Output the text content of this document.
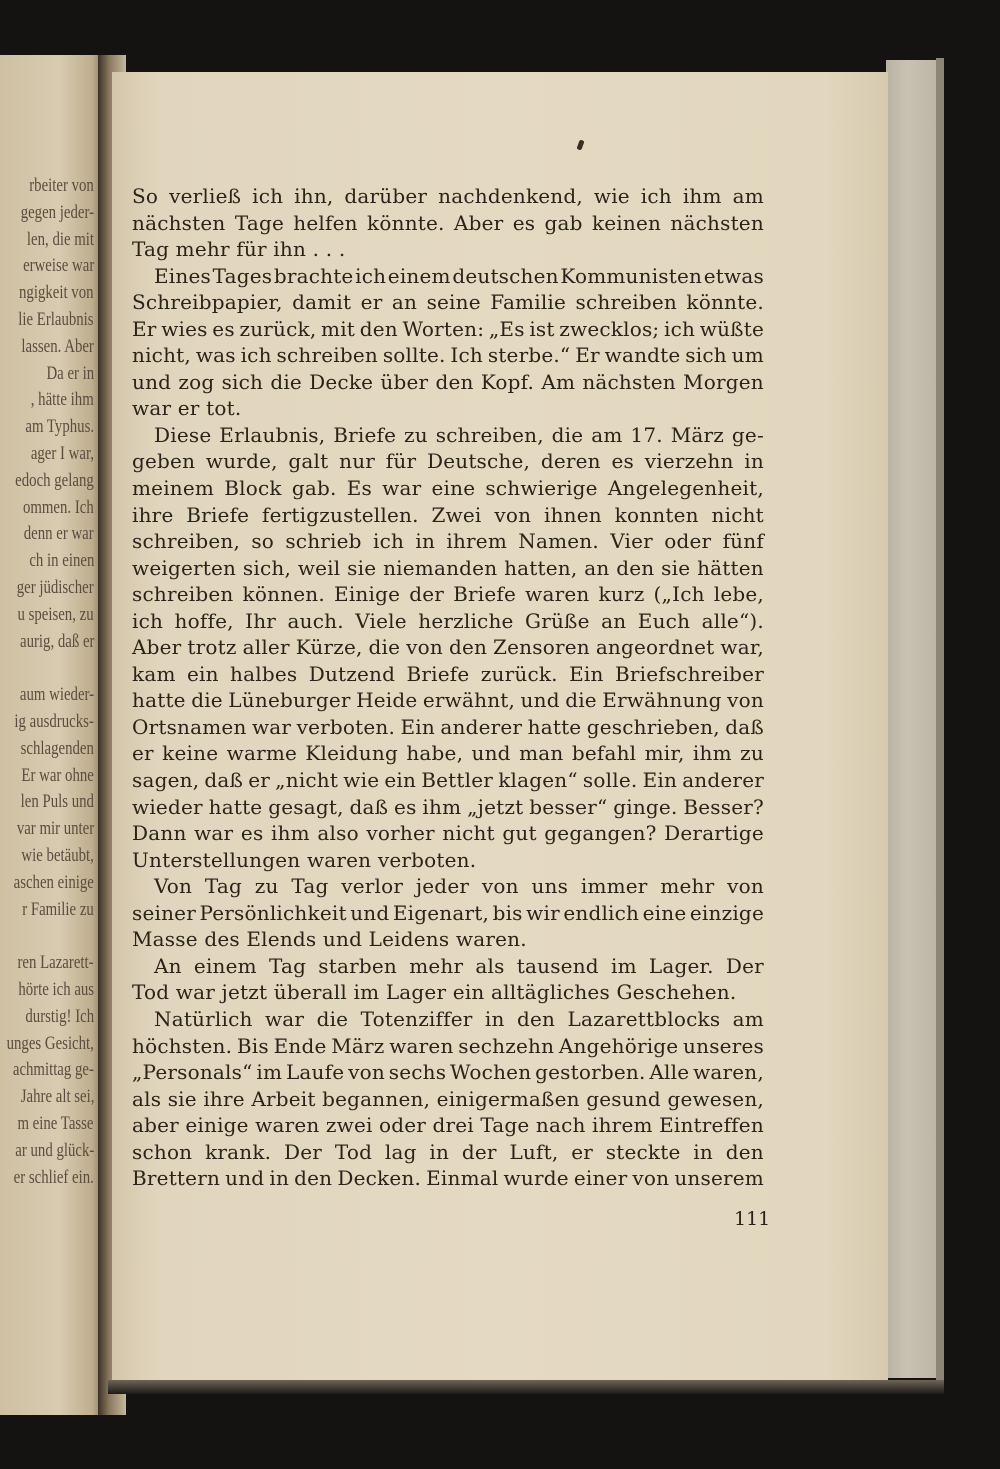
rbeiter von
gegen jeder-
len, die mit
erweise war
ngigkeit von
lie Erlaubnis
lassen. Aber
Da er in
, hätte ihm
am Typhus.
ager I war,
edoch gelang
ommen. Ich
denn er war
ch in einen
ger jüdischer
u speisen, zu
aurig, daß er
aum wieder-
ig ausdrucks-
schlagenden
Er war ohne
len Puls und
var mir unter
wie betäubt,
aschen einige
r Familie zu
ren Lazarett-
hörte ich aus
durstig! Ich
unges Gesicht,
achmittag ge-
Jahre alt sei,
m eine Tasse
ar und glück-
er schlief ein.
So verließ ich ihn, darüber nachdenkend, wie ich ihm am
nächsten Tage helfen könnte. Aber es gab keinen nächsten
Tag mehr für ihn . . .
Eines Tages brachte ich einem deutschen Kommunisten etwas
Schreibpapier, damit er an seine Familie schreiben könnte.
Er wies es zurück, mit den Worten: „Es ist zwecklos; ich wüßte
nicht, was ich schreiben sollte. Ich sterbe.“ Er wandte sich um
und zog sich die Decke über den Kopf. Am nächsten Morgen
war er tot.
Diese Erlaubnis, Briefe zu schreiben, die am 17. März ge-
geben wurde, galt nur für Deutsche, deren es vierzehn in
meinem Block gab. Es war eine schwierige Angelegenheit,
ihre Briefe fertigzustellen. Zwei von ihnen konnten nicht
schreiben, so schrieb ich in ihrem Namen. Vier oder fünf
weigerten sich, weil sie niemanden hatten, an den sie hätten
schreiben können. Einige der Briefe waren kurz („Ich lebe,
ich hoffe, Ihr auch. Viele herzliche Grüße an Euch alle“).
Aber trotz aller Kürze, die von den Zensoren angeordnet war,
kam ein halbes Dutzend Briefe zurück. Ein Briefschreiber
hatte die Lüneburger Heide erwähnt, und die Erwähnung von
Ortsnamen war verboten. Ein anderer hatte geschrieben, daß
er keine warme Kleidung habe, und man befahl mir, ihm zu
sagen, daß er „nicht wie ein Bettler klagen“ solle. Ein anderer
wieder hatte gesagt, daß es ihm „jetzt besser“ ginge. Besser?
Dann war es ihm also vorher nicht gut gegangen? Derartige
Unterstellungen waren verboten.
Von Tag zu Tag verlor jeder von uns immer mehr von
seiner Persönlichkeit und Eigenart, bis wir endlich eine einzige
Masse des Elends und Leidens waren.
An einem Tag starben mehr als tausend im Lager. Der
Tod war jetzt überall im Lager ein alltägliches Geschehen.
Natürlich war die Totenziffer in den Lazarettblocks am
höchsten. Bis Ende März waren sechzehn Angehörige unseres
„Personals“ im Laufe von sechs Wochen gestorben. Alle waren,
als sie ihre Arbeit begannen, einigermaßen gesund gewesen,
aber einige waren zwei oder drei Tage nach ihrem Eintreffen
schon krank. Der Tod lag in der Luft, er steckte in den
Brettern und in den Decken. Einmal wurde einer von unserem
111
